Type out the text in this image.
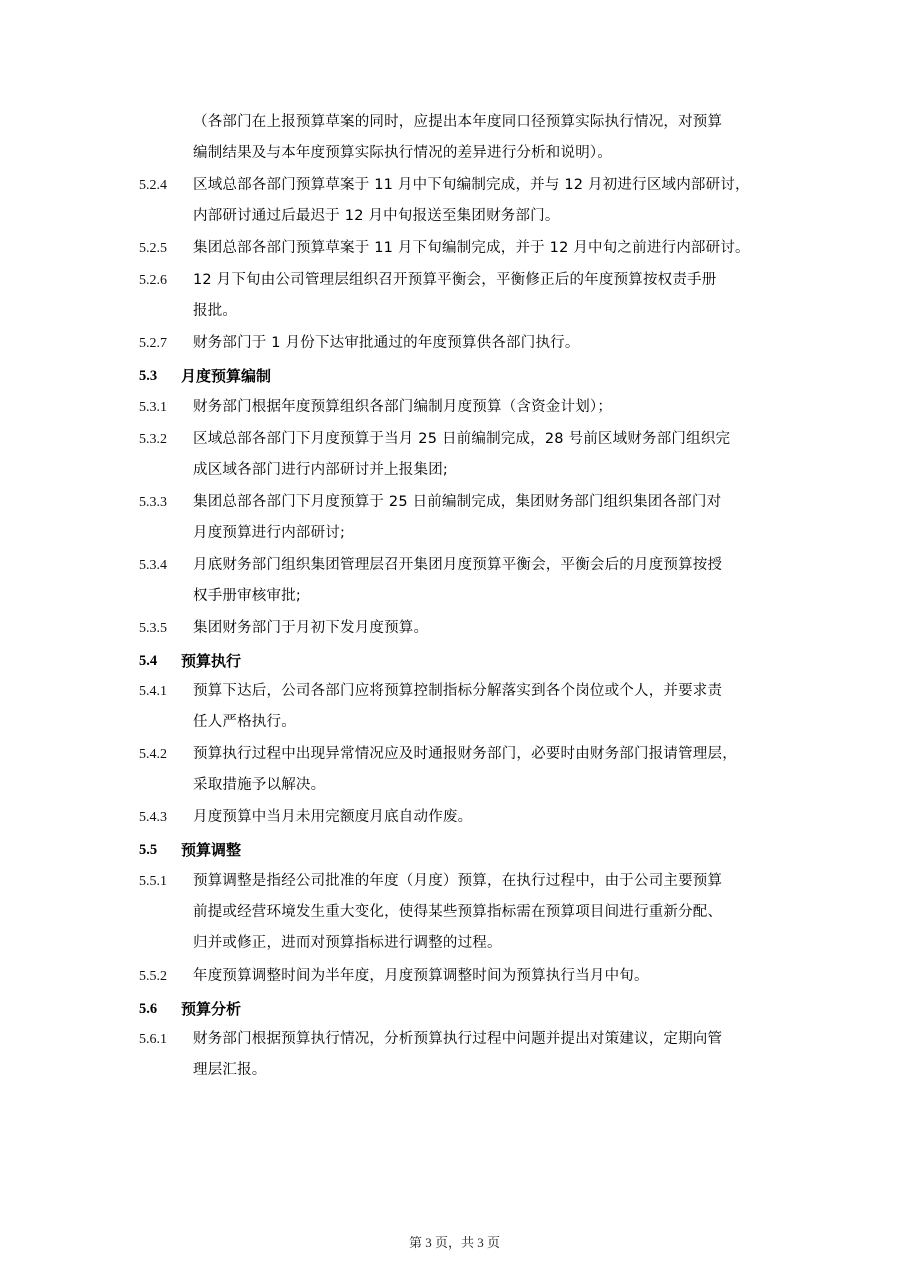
（各部门在上报预算草案的同时，应提出本年度同口径预算实际执行情况，对预算
编制结果及与本年度预算实际执行情况的差异进行分析和说明）。
5.2.4 区域总部各部门预算草案于 11 月中下旬编制完成，并与 12 月初进行区域内部研讨，
内部研讨通过后最迟于 12 月中旬报送至集团财务部门。
5.2.5 集团总部各部门预算草案于 11 月下旬编制完成，并于 12 月中旬之前进行内部研讨。
5.2.6 12 月下旬由公司管理层组织召开预算平衡会，平衡修正后的年度预算按权责手册
报批。
5.2.7 财务部门于 1 月份下达审批通过的年度预算供各部门执行。
5.3 月度预算编制
5.3.1 财务部门根据年度预算组织各部门编制月度预算（含资金计划）；
5.3.2 区域总部各部门下月度预算于当月 25 日前编制完成，28 号前区域财务部门组织完
成区域各部门进行内部研讨并上报集团;
5.3.3 集团总部各部门下月度预算于 25 日前编制完成，集团财务部门组织集团各部门对
月度预算进行内部研讨;
5.3.4 月底财务部门组织集团管理层召开集团月度预算平衡会，平衡会后的月度预算按授
权手册审核审批;
5.3.5 集团财务部门于月初下发月度预算。
5.4 预算执行
5.4.1 预算下达后，公司各部门应将预算控制指标分解落实到各个岗位或个人，并要求责
任人严格执行。
5.4.2 预算执行过程中出现异常情况应及时通报财务部门，必要时由财务部门报请管理层，
采取措施予以解决。
5.4.3 月度预算中当月未用完额度月底自动作废。
5.5 预算调整
5.5.1 预算调整是指经公司批准的年度（月度）预算，在执行过程中，由于公司主要预算
前提或经营环境发生重大变化，使得某些预算指标需在预算项目间进行重新分配、
归并或修正，进而对预算指标进行调整的过程。
5.5.2 年度预算调整时间为半年度，月度预算调整时间为预算执行当月中旬。
5.6 预算分析
5.6.1 财务部门根据预算执行情况，分析预算执行过程中问题并提出对策建议，定期向管
理层汇报。
第 3 页，共 3 页
